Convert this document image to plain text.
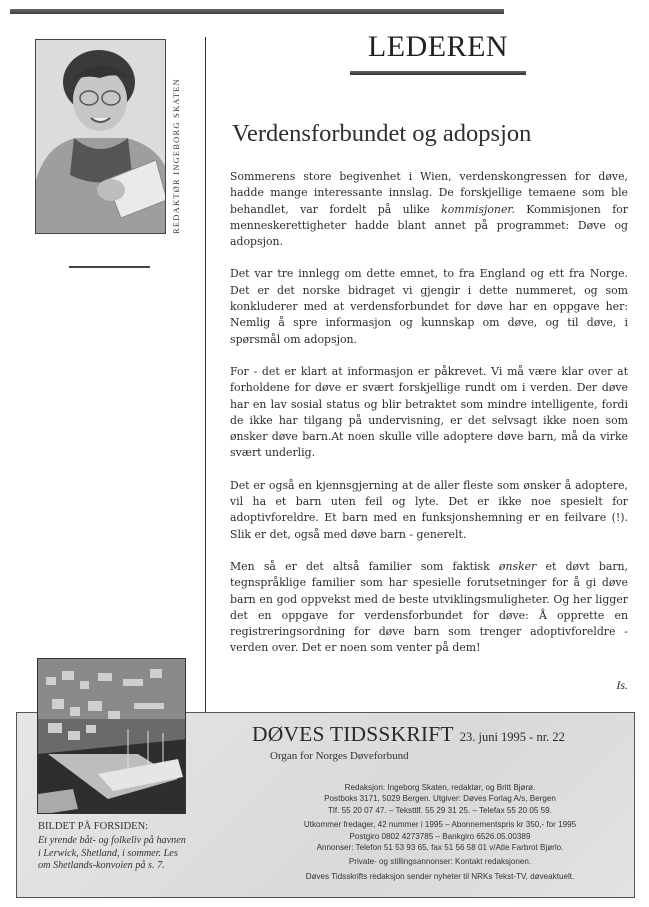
REDAKTØR INGEBORG SKATEN
LEDEREN
Verdensforbundet og adopsjon

Sommerens store begivenhet i Wien, verdenskongressen for døve, hadde mange interessante innslag. De forskjellige temaene som ble behandlet, var fordelt på ulike kommisjoner. Kommisjonen for menneskerettigheter hadde blant annet på programmet: Døve og adopsjon.

Det var tre innlegg om dette emnet, to fra England og ett fra Norge. Det er det norske bidraget vi gjengir i dette nummeret, og som konkluderer med at verdensforbundet for døve har en oppgave her: Nemlig å spre informasjon og kunnskap om døve, og til døve, i spørsmål om adopsjon.

For - det er klart at informasjon er påkrevet. Vi må være klar over at forholdene for døve er svært forskjellige rundt om i verden. Der døve har en lav sosial status og blir betraktet som mindre intelligente, fordi de ikke har tilgang på undervisning, er det selvsagt ikke noen som ønsker døve barn.At noen skulle ville adoptere døve barn, må da virke svært underlig.

Det er også en kjennsgjerning at de aller fleste som ønsker å adoptere, vil ha et barn uten feil og lyte. Det er ikke noe spesielt for adoptivforeldre. Et barn med en funksjonshemning er en feilvare (!). Slik er det, også med døve barn - generelt.

Men så er det altså familier som faktisk ønsker et døvt barn, tegnspråklige familier som har spesielle forutsetninger for å gi døve barn en god oppvekst med de beste utviklingsmuligheter. Og her ligger det en oppgave for verdensforbundet for døve: Å opprette en registreringsordning for døve barn som trenger adoptivforeldre - verden over. Det er noen som venter på dem!

Is.
BILDET PÅ FORSIDEN:
Et yrende båt- og folkeliv på havnen i Lerwick, Shetland, i sommer. Les om Shetlands-konvoien på s. 7.
DØVES TIDSSKRIFT 23. juni 1995 - nr. 22
Organ for Norges Døveforbund
Redaksjon: Ingeborg Skaten, redaktør, og Britt Bjørø.
Postboks 3171, 5029 Bergen. Utgiver: Døves Forlag A/s, Bergen
Tlf. 55 20 07 47. – Teksttlf. 55 29 31 25. – Telefax 55 20 05 59.
Utkommer fredager, 42 nummer i 1995 – Abonnementspris kr 350,- for 1995
Postgiro 0802 4273785 – Bankgiro 6526.05.00389
Annonser: Telefon 51 53 93 65, fax 51 56 58 01 v/Atle Farbrot Bjørlo.
Private- og stillingsannonser: Kontakt redaksjonen.
Døves Tidsskrifts redaksjon sender nyheter til NRKs Tekst-TV, døveaktuelt.
